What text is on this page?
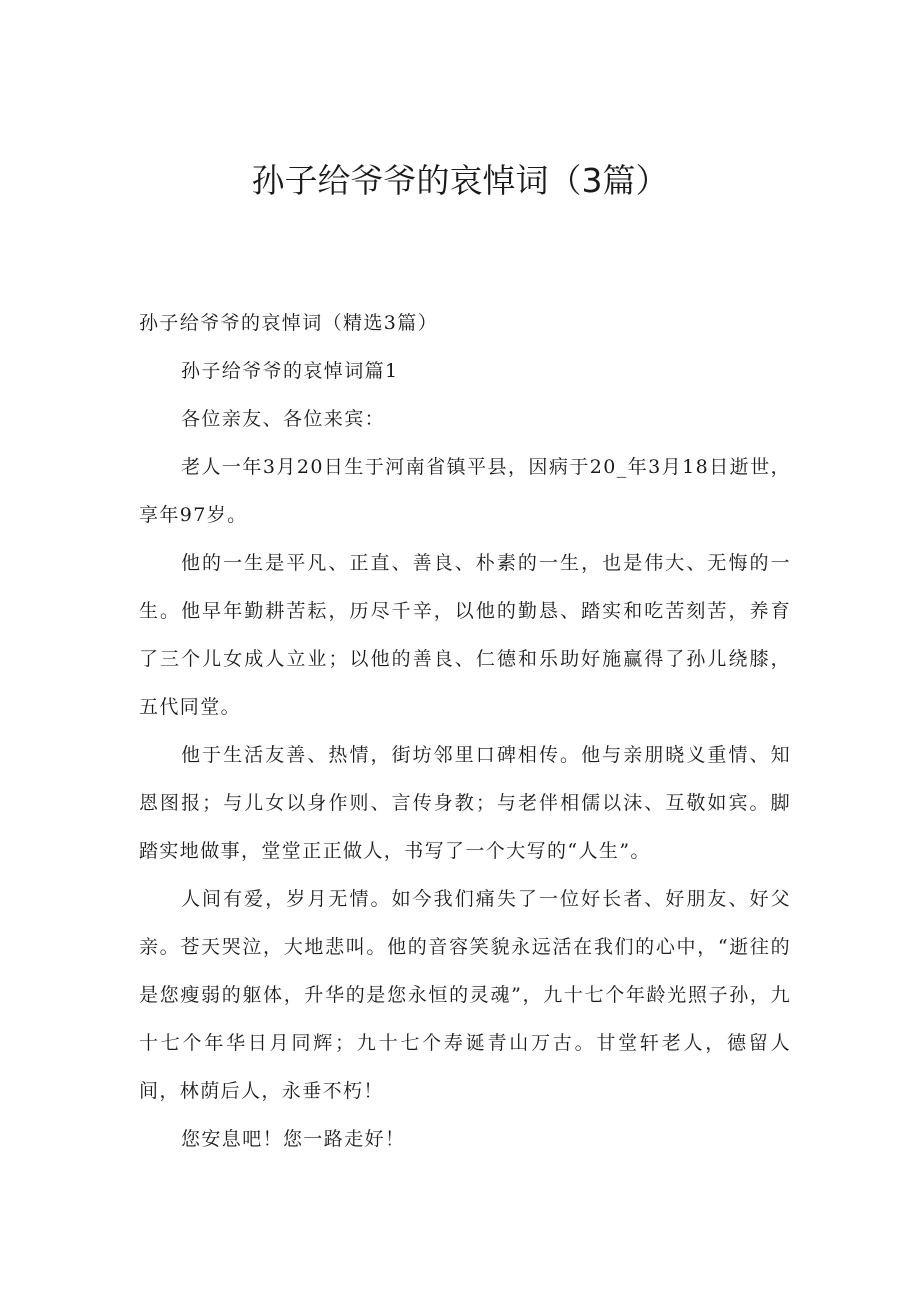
孙子给爷爷的哀悼词（3篇）

孙子给爷爷的哀悼词（精选3篇）

孙子给爷爷的哀悼词篇1

各位亲友、各位来宾：

老人一年3月20日生于河南省镇平县，因病于20_年3月18日逝世，享年97岁。

他的一生是平凡、正直、善良、朴素的一生，也是伟大、无悔的一生。他早年勤耕苦耘，历尽千辛，以他的勤恳、踏实和吃苦刻苦，养育了三个儿女成人立业；以他的善良、仁德和乐助好施赢得了孙儿绕膝，五代同堂。

他于生活友善、热情，街坊邻里口碑相传。他与亲朋晓义重情、知恩图报；与儿女以身作则、言传身教；与老伴相儒以沫、互敬如宾。脚踏实地做事，堂堂正正做人，书写了一个大写的“人生”。

人间有爱，岁月无情。如今我们痛失了一位好长者、好朋友、好父亲。苍天哭泣，大地悲叫。他的音容笑貌永远活在我们的心中，“逝往的是您瘦弱的躯体，升华的是您永恒的灵魂”，九十七个年龄光照子孙，九十七个年华日月同辉；九十七个寿诞青山万古。甘堂轩老人，德留人间，林荫后人，永垂不朽！

您安息吧！您一路走好！
